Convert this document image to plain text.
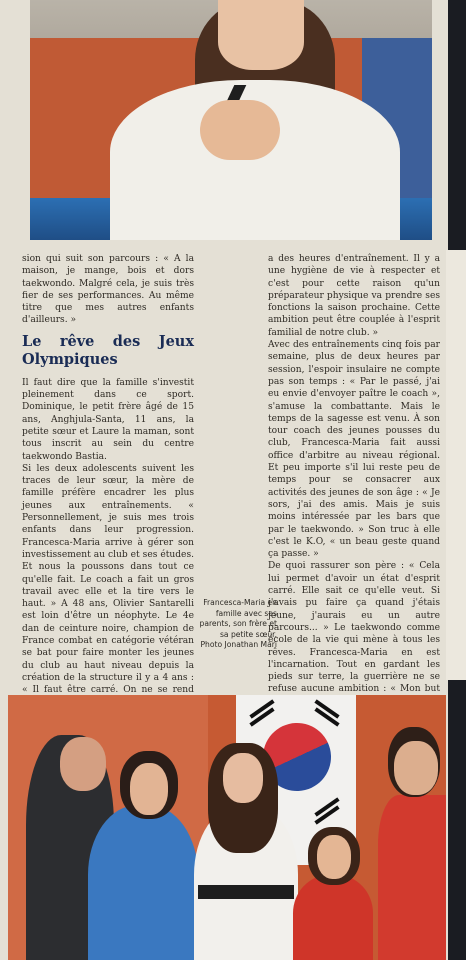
sion qui suit son parcours : « A la maison, je mange, bois et dors taekwondo. Malgré cela, je suis très fier de ses performances. Au même titre que mes autres enfants d'ailleurs. »

Le rêve des Jeux Olympiques

Il faut dire que la famille s'investit pleinement dans ce sport. Dominique, le petit frère âgé de 15 ans, Anghjula-Santa, 11 ans, la petite sœur et Laure la maman, sont tous inscrit au sein du centre taekwondo Bastia.

Si les deux adolescents suivent les traces de leur sœur, la mère de famille préfère encadrer les plus jeunes aux entraînements. « Personnellement, je suis mes trois enfants dans leur progression. Francesca-Maria arrive à gérer son investissement au club et ses études. Et nous la poussons dans tout ce qu'elle fait. Le coach a fait un gros travail avec elle et la tire vers le haut. » A 48 ans, Olivier Santarelli est loin d'être un néophyte. Le 4e dan de ceinture noire, champion de France combat en catégorie vétéran se bat pour faire monter les jeunes du club au haut niveau depuis la création de la structure il y a 4 ans : « Il faut être carré. On ne se rend

Francesca-Maria en famille avec ses parents, son frère et sa petite sœur. Photo Jonathan Mari

a des heures d'entraînement. Il y a une hygiène de vie à respecter et c'est pour cette raison qu'un préparateur physique va prendre ses fonctions la saison prochaine. Cette ambition peut être couplée à l'esprit familial de notre club. »

Avec des entraînements cinq fois par semaine, plus de deux heures par session, l'espoir insulaire ne compte pas son temps : « Par le passé, j'ai eu envie d'envoyer paître le coach », s'amuse la combattante. Mais le temps de la sagesse est venu. À son tour coach des jeunes pousses du club, Francesca-Maria fait aussi office d'arbitre au niveau régional. Et peu importe s'il lui reste peu de temps pour se consacrer aux activités des jeunes de son âge : « Je sors, j'ai des amis. Mais je suis moins intéressée par les bars que par le taekwondo. » Son truc à elle c'est le K.O, « un beau geste quand ça passe. »

De quoi rassurer son père : « Cela lui permet d'avoir un état d'esprit carré. Elle sait ce qu'elle veut. Si j'avais pu faire ça quand j'étais jeune, j'aurais eu un autre parcours... » Le taekwondo comme école de la vie qui mène à tous les rêves. Francesca-Maria en est l'incarnation. Tout en gardant les pieds sur terre, la guerrière ne se refuse aucune ambition : « Mon but
